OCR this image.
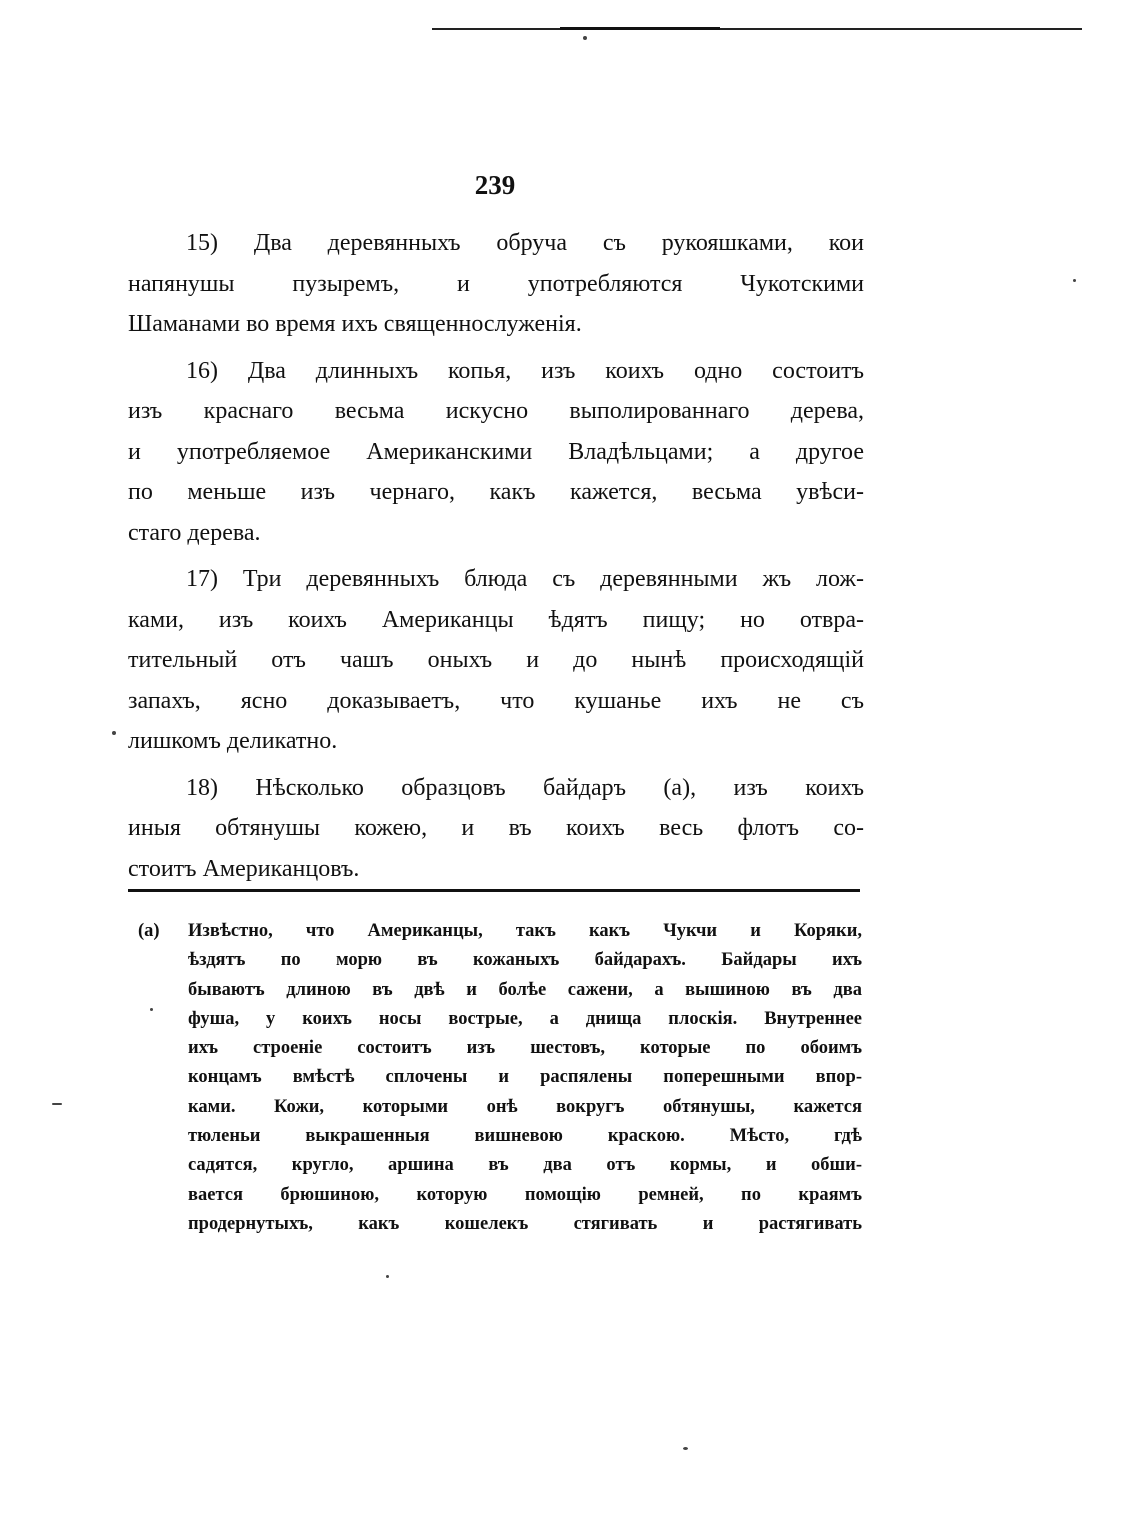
239
15) Два деревянныхъ обруча съ рукояшками, кои
напянушы пузыремъ, и употребляются Чукотскими
Шаманами во время ихъ священнослуженія.
16) Два длинныхъ копья, изъ коихъ одно состоитъ
изъ краснаго весьма искусно выполированнаго дерева,
и употребляемое Американскими Владѣльцами; а другое
по меньше изъ чернаго, какъ кажется, весьма увѣси-
стаго дерева.
17) Три деревянныхъ блюда съ деревянными жъ лож-
ками, изъ коихъ Американцы ѣдятъ пищу; но отвра-
тительный отъ чашъ оныхъ и до нынѣ происходящій
запахъ, ясно доказываетъ, что кушанье ихъ не съ
лишкомъ деликатно.
18) Нѣсколько образцовъ байдаръ (а), изъ коихъ
иныя обтянушы кожею, и въ коихъ весь флотъ со-
стоитъ Американцовъ.
(а)	Извѣстно, что Американцы, такъ какъ Чукчи и Коряки,
ѣздятъ по морю въ кожаныхъ байдарахъ. Байдары ихъ
бываютъ длиною въ двѣ и болѣе сажени, а вышиною въ два
фуша, у коихъ носы вострые, а днища плоскія. Внутреннее
ихъ строеніе состоитъ изъ шестовъ, которые по обоимъ
концамъ вмѣстѣ сплочены и распялены поперешными впор-
ками. Кожи, которыми онѣ вокругъ обтянушы, кажется
тюленьи выкрашенныя вишневою краскою. Мѣсто, гдѣ
садятся, кругло, аршина въ два отъ кормы, и обши-
вается брюшиною, которую помощію ремней, по краямъ
продернутыхъ, какъ кошелекъ стягивать и растягивать
